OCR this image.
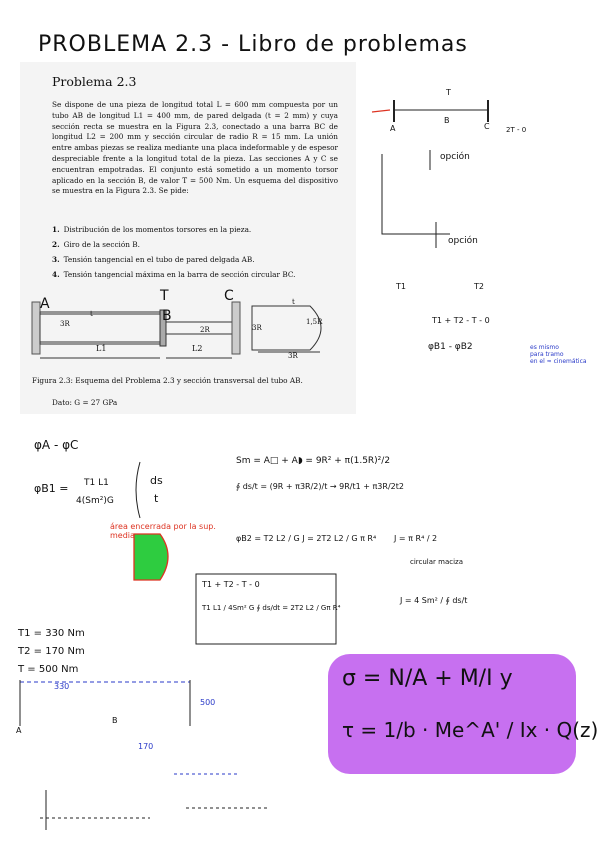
PROBLEMA 2.3 - Libro de problemas
Problema 2.3
Se dispone de una pieza de longitud total L = 600 mm compuesta por un tubo AB de longitud L1 = 400 mm, de pared delgada (t = 2 mm) y cuya sección recta se muestra en la Figura 2.3, conectado a una barra BC de longitud L2 = 200 mm y sección circular de radio R = 15 mm. La unión entre ambas piezas se realiza mediante una placa indeformable y de espesor despreciable frente a la longitud total de la pieza. Las secciones A y C se encuentran empotradas. El conjunto está sometido a un momento torsor aplicado en la sección B, de valor T = 500 Nm. Un esquema del dispositivo se muestra en la Figura 2.3. Se pide:
1. Distribución de los momentos torsores en la pieza.
2. Giro de la sección B.
3. Tensión tangencial en el tubo de pared delgada AB.
4. Tensión tangencial máxima en la barra de sección circular BC.
A	T
B
C
3R
t
2R
L1	L2
3R
1,5R
3R
t
Figura 2.3: Esquema del Problema 2.3 y sección transversal del tubo AB.
Dato: G = 27 GPa
T
A
B
C 2T - 0
opción
opción
T1	T2
T1 + T2 - T - 0
φB1 - φB2	es mismo
para tramo
en el ≈ cinemática
φA - φC
φB1 = T1 L1
4(Sm²)G
ds
t
área encerrada por la sup. media
Sm = A□ + A◗ = 9R² + π(1.5R)²/2
∮ ds/t = (9R + π3R/2)/t → 9R/t1 + π3R/2t2
φB2 = T2 L2 / G J = 2T2 L2 / G π R⁴ J = π R⁴ / 2
circular maciza
J = 4 Sm² / ∮ ds/t
T1 + T2 - T - 0
T1 L1 / 4Sm² G ∮ ds/dt = 2T2 L2 / Gπ R⁴
T1 = 330 Nm
T2 = 170 Nm
T = 500 Nm
330
500
170
A
B
σ = N/A + M/I y
τ = 1/b · Me^A' / Ix · Q(z)
